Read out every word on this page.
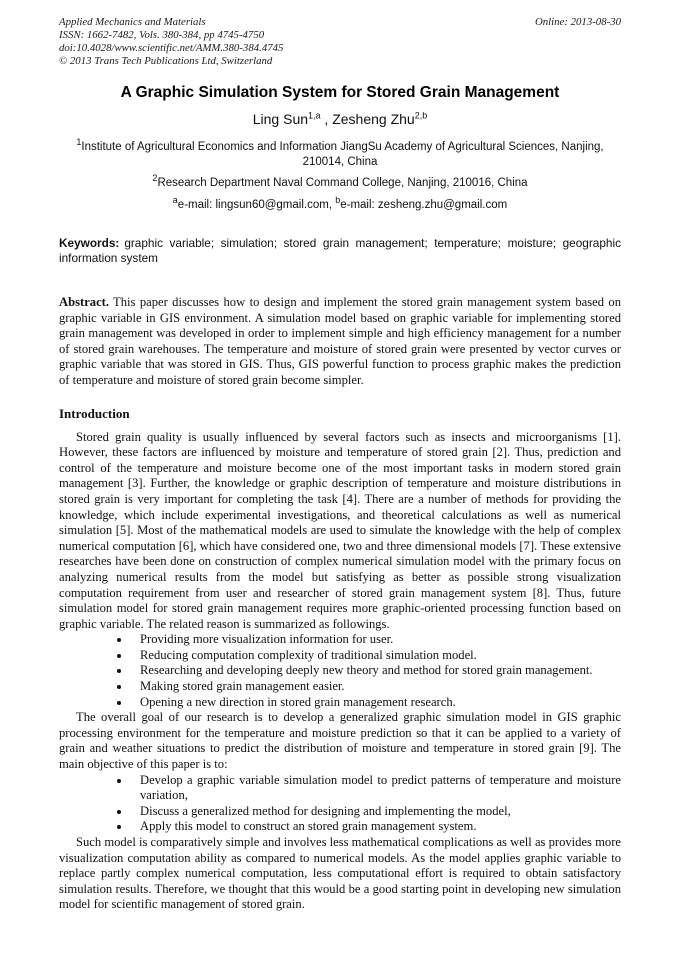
Applied Mechanics and Materials
ISSN: 1662-7482, Vols. 380-384, pp 4745-4750
doi:10.4028/www.scientific.net/AMM.380-384.4745
© 2013 Trans Tech Publications Ltd, Switzerland
Online: 2013-08-30
A Graphic Simulation System for Stored Grain Management
Ling Sun$^{1,a}$ , Zesheng Zhu$^{2,b}$
$^1$Institute of Agricultural Economics and Information JiangSu Academy of Agricultural Sciences, Nanjing, 210014, China
$^2$Research Department Naval Command College, Nanjing, 210016, China
$^a$e-mail: lingsun60@gmail.com, $^b$e-mail: zesheng.zhu@gmail.com

Keywords: graphic variable; simulation; stored grain management; temperature; moisture; geographic information system

Abstract. This paper discusses how to design and implement the stored grain management system based on graphic variable in GIS environment. A simulation model based on graphic variable for implementing stored grain management was developed in order to implement simple and high efficiency management for a number of stored grain warehouses. The temperature and moisture of stored grain were presented by vector curves or graphic variable that was stored in GIS. Thus, GIS powerful function to process graphic makes the prediction of temperature and moisture of stored grain become simpler.

Introduction

Stored grain quality is usually influenced by several factors such as insects and microorganisms [1]. However, these factors are influenced by moisture and temperature of stored grain [2]. Thus, prediction and control of the temperature and moisture become one of the most important tasks in modern stored grain management [3]. Further, the knowledge or graphic description of temperature and moisture distributions in stored grain is very important for completing the task [4]. There are a number of methods for providing the knowledge, which include experimental investigations, and theoretical calculations as well as numerical simulation [5]. Most of the mathematical models are used to simulate the knowledge with the help of complex numerical computation [6], which have considered one, two and three dimensional models [7]. These extensive researches have been done on construction of complex numerical simulation model with the primary focus on analyzing numerical results from the model but satisfying as better as possible strong visualization computation requirement from user and researcher of stored grain management system [8]. Thus, future simulation model for stored grain management requires more graphic-oriented processing function based on graphic variable. The related reason is summarized as followings.

• Providing more visualization information for user.
• Reducing computation complexity of traditional simulation model.
• Researching and developing deeply new theory and method for stored grain management.
• Making stored grain management easier.
• Opening a new direction in stored grain management research.

The overall goal of our research is to develop a generalized graphic simulation model in GIS graphic processing environment for the temperature and moisture prediction so that it can be applied to a variety of grain and weather situations to predict the distribution of moisture and temperature in stored grain [9]. The main objective of this paper is to:

• Develop a graphic variable simulation model to predict patterns of temperature and moisture variation,
• Discuss a generalized method for designing and implementing the model,
• Apply this model to construct an stored grain management system.

Such model is comparatively simple and involves less mathematical complications as well as provides more visualization computation ability as compared to numerical models. As the model applies graphic variable to replace partly complex numerical computation, less computational effort is required to obtain satisfactory simulation results. Therefore, we thought that this would be a good starting point in developing new simulation model for scientific management of stored grain.
